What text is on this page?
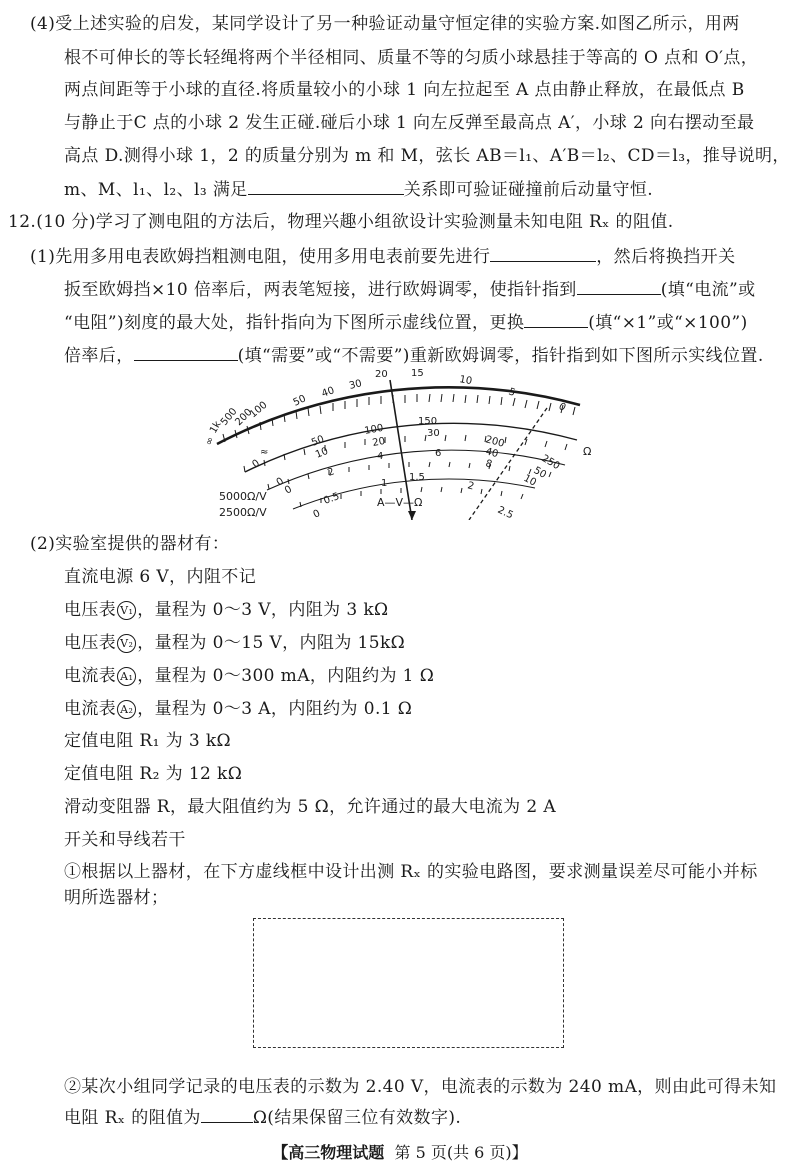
(4)受上述实验的启发，某同学设计了另一种验证动量守恒定律的实验方案.如图乙所示，用两
根不可伸长的等长轻绳将两个半径相同、质量不等的匀质小球悬挂于等高的 O 点和 O′点，
两点间距等于小球的直径.将质量较小的小球 1 向左拉起至 A 点由静止释放，在最低点 B
与静止于C 点的小球 2 发生正碰.碰后小球 1 向左反弹至最高点 A′，小球 2 向右摆动至最
高点 D.测得小球 1，2 的质量分别为 m 和 M，弦长 AB＝l₁、A′B＝l₂、CD＝l₃，推导说明，
m、M、l₁、l₂、l₃ 满足	关系即可验证碰撞前后动量守恒.
12.(10 分)学习了测电阻的方法后，物理兴趣小组欲设计实验测量未知电阻 Rₓ 的阻值.
(1)先用多用电表欧姆挡粗测电阻，使用多用电表前要先进行	，然后将换挡开关
扳至欧姆挡×10 倍率后，两表笔短接，进行欧姆调零，使指针指到	(填“电流”或
“电阻”)刻度的最大处，指针指向为下图所示虚线位置，更换	(填“×1”或“×100”)
倍率后，	(填“需要”或“不需要”)重新欧姆调零，指针指到如下图所示实线位置.
∞
1k
500
200
100 50
40
30
20 15
10
5
0
Ω
0
50
100
150
200
250
0
10
20
30
40
50
0
2
4	6
8
10
0
0.5
1
1.5
2
2.5
≈
5000Ω/V
2500Ω/V
A—V—Ω
(2)实验室提供的器材有：
直流电源 6 V，内阻不记
电压表 V₁ ，量程为 0～3 V，内阻为 3 kΩ
电压表 V₂ ，量程为 0～15 V，内阻为 15kΩ
电流表 A₁ ，量程为 0～300 mA，内阻约为 1 Ω
电流表 A₂ ，量程为 0～3 A，内阻约为 0.1 Ω
定值电阻 R₁ 为 3 kΩ
定值电阻 R₂ 为 12 kΩ
滑动变阻器 R，最大阻值约为 5 Ω，允许通过的最大电流为 2 A
开关和导线若干
①根据以上器材，在下方虚线框中设计出测 Rₓ 的实验电路图，要求测量误差尽可能小并标
明所选器材；
②某次小组同学记录的电压表的示数为 2.40 V，电流表的示数为 240 mA，则由此可得未知
电阻 Rₓ 的阻值为	Ω(结果保留三位有效数字).
【高三物理试题 第 5 页(共 6 页)】
